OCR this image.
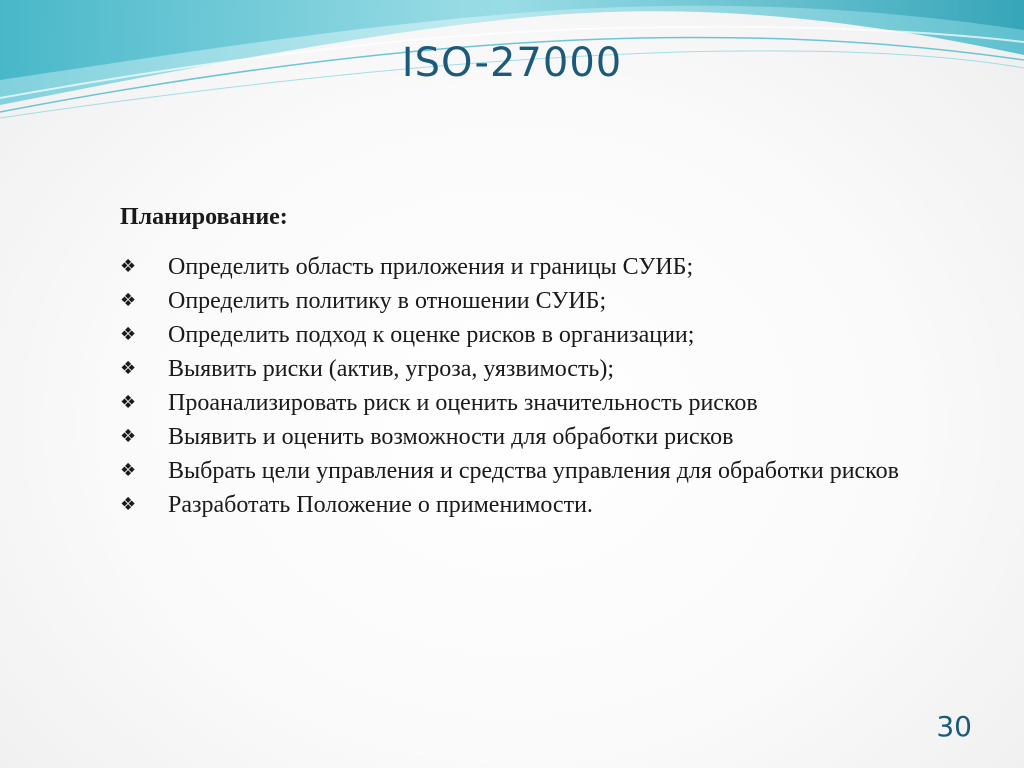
ISO-27000
Планирование:
❖	Определить область приложения и границы СУИБ;
❖	Определить политику в отношении СУИБ;
❖	Определить подход к оценке рисков в организации;
❖	Выявить риски (актив, угроза, уязвимость);
❖	Проанализировать риск и оценить значительность рисков
❖	Выявить и оценить возможности для обработки рисков
❖	Выбрать цели управления и средства управления для обработки рисков
❖	Разработать Положение о применимости.
30
